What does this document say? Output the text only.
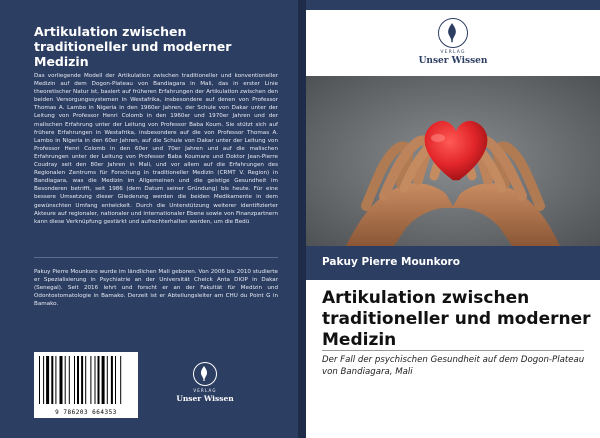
Artikulation zwischen traditioneller und moderner Medizin
Das vorliegende Modell der Artikulation zwischen traditioneller und konventioneller Medizin auf dem Dogon-Plateau von Bandiagara in Mali, das in erster Linie theoretischer Natur ist, basiert auf früheren Erfahrungen der Artikulation zwischen den beiden Versorgungssystemen in Westafrika, insbesondere auf denen von Professor Thomas A. Lambo in Nigeria in den 1960er Jahren, der Schule von Dakar unter der Leitung von Professor Henri Colomb in den 1960er und 1970er Jahren und der malischen Erfahrung unter der Leitung von Professor Baba Koum. Sie stützt sich auf frühere Erfahrungen in Westafrika, insbesondere auf die von Professor Thomas A. Lambo in Nigeria in den 60er Jahren, auf die Schule von Dakar unter der Leitung von Professor Henri Colomb in den 60er und 70er Jahren und auf die malischen Erfahrungen unter der Leitung von Professor Baba Koumare und Doktor Jean-Pierre Coudray seit den 80er Jahren in Mali, und vor allem auf die Erfahrungen des Regionalen Zentrums für Forschung in traditioneller Medizin (CRMT V. Region) in Bandiagara, was die Medizin im Allgemeinen und die geistige Gesundheit im Besonderen betrifft, seit 1986 (dem Datum seiner Gründung) bis heute. Für eine bessere Umsetzung dieser Gliederung werden die beiden Medikamente in dem gewünschten Umfang entwickelt. Durch die Unterstützung weiterer identifizierter Akteure auf regionaler, nationaler und internationaler Ebene sowie von Finanzpartnern kann diese Verknüpfung gestärkt und aufrechterhalten werden, um die Bedü
Pakuy Pierre Mounkoro wurde im ländlichen Mali geboren. Von 2006 bis 2010 studierte er Spezialisierung in Psychiatrie an der Universität Cheick Anta DIOP in Dakar (Senegal). Seit 2016 lehrt und forscht er an der Fakultät für Medizin und Odontostomatologie in Bamako. Derzeit ist er Abteilungsleiter am CHU du Point G in Bamako.
9 786203 664353
VERLAG
Unser Wissen
VERLAG
Unser Wissen
Pakuy Pierre Mounkoro
Artikulation zwischen traditioneller und moderner Medizin
Der Fall der psychischen Gesundheit auf dem Dogon-Plateau von Bandiagara, Mali
